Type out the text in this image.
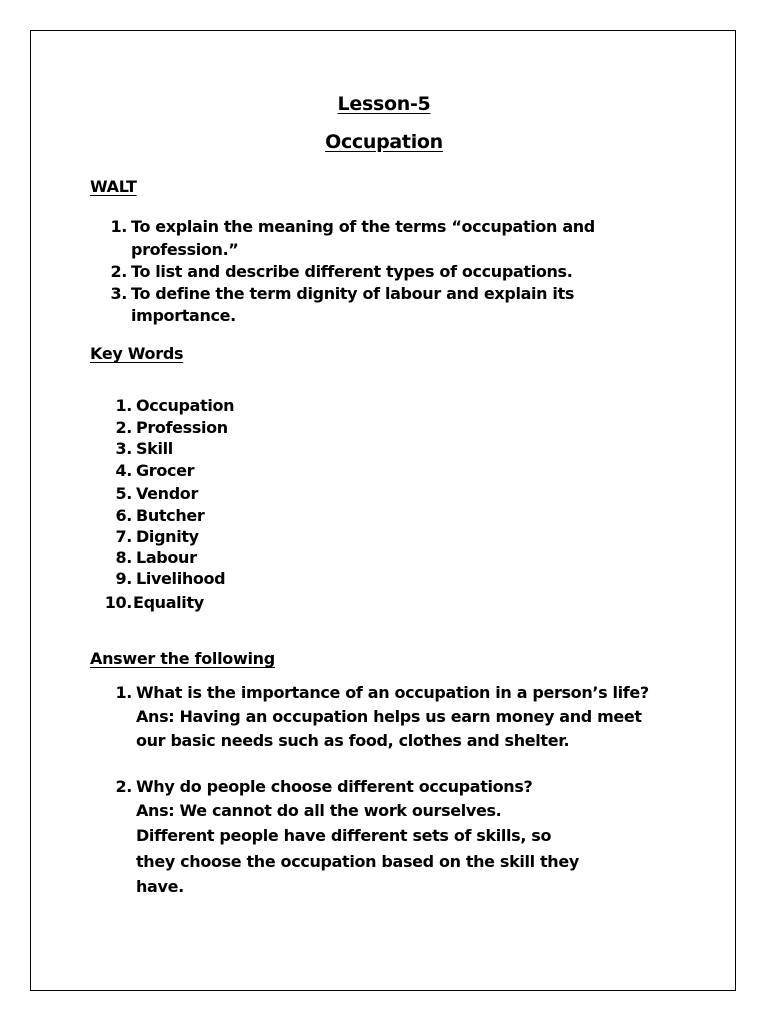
Lesson-5
Occupation
WALT
1. To explain the meaning of the terms “occupation and
profession.”
2. To list and describe different types of occupations.
3. To define the term dignity of labour and explain its
importance.
Key Words
1. Occupation
2. Profession
3. Skill
4. Grocer
5. Vendor
6. Butcher
7. Dignity
8. Labour
9. Livelihood
10. Equality
Answer the following
1. What is the importance of an occupation in a person’s life?
Ans: Having an occupation helps us earn money and meet
our basic needs such as food, clothes and shelter.
2. Why do people choose different occupations?
Ans: We cannot do all the work ourselves.
Different people have different sets of skills, so
they choose the occupation based on the skill they
have.
